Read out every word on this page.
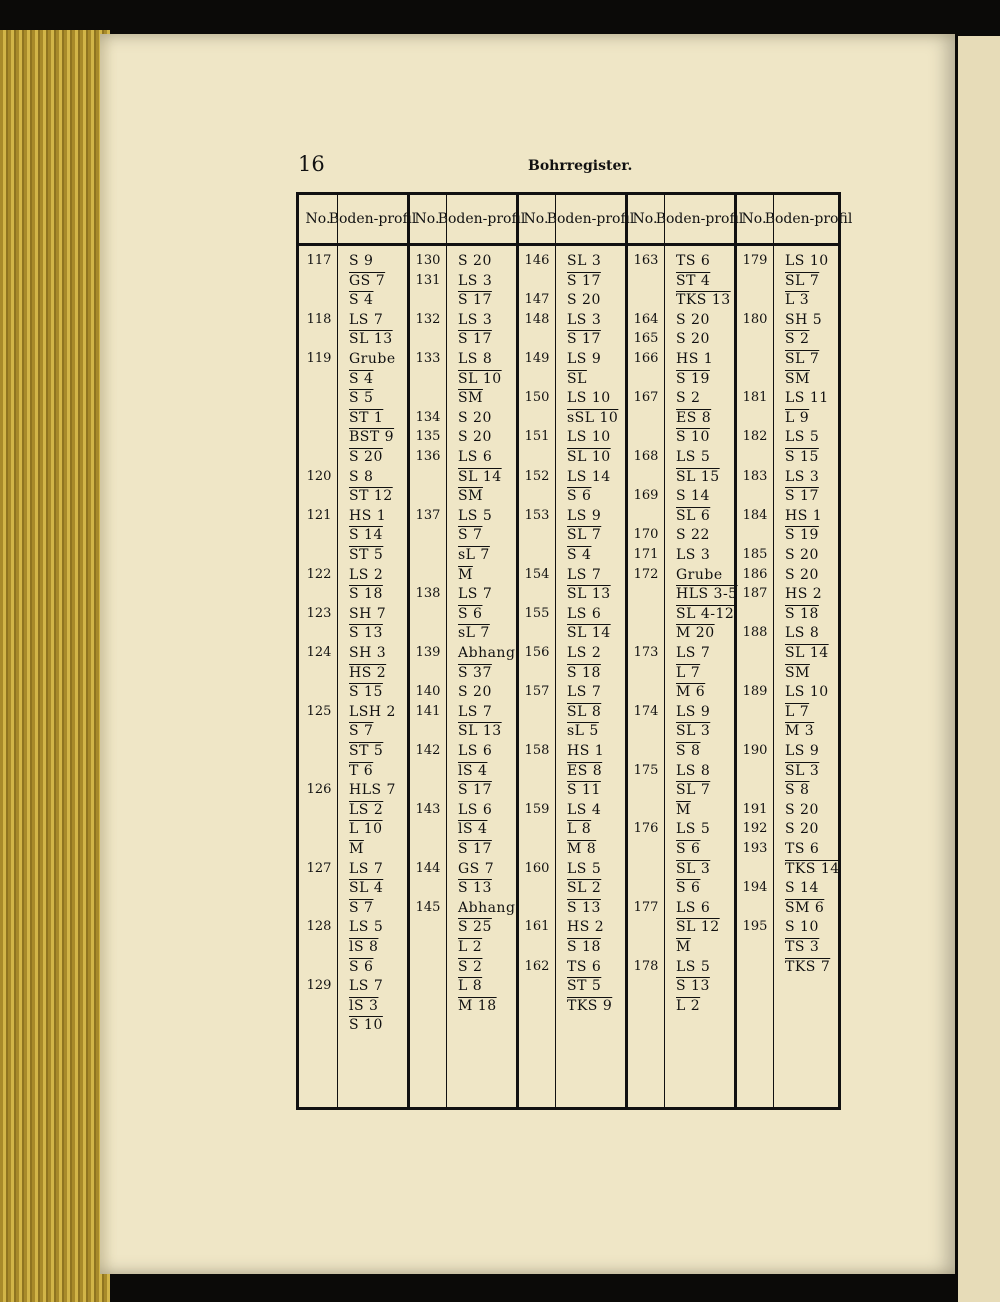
16	Bohrregister.
No.
Boden- profil
117 S 9
GS 7
S 4
118 LS 7
SL 13
119 Grube
S 4
S 5
ST 1
BST 9
S 20
120 S 8
ST 12
121 HS 1
S 14
ST 5
122 LS 2
S 18
123 SH 7
S 13
124 SH 3
HS 2
S 15
125 LSH 2
S 7
ST 5
T 6
126 HLS 7
LS 2
L 10
$\overline{M}$
127 LS 7
SL 4
S 7
128 LS 5
lS 8
S 6
129 LS 7
lS 3
S 10
No.
Boden- profil
130 S 20
131 LS 3
S 17
132 LS 3
S 17
133 LS 8
SL 10
$\overline{SM}$
134 S 20
135 S 20
136 LS 6
SL 14
$\overline{SM}$
137 LS 5
S 7
sL 7
$\overline{M}$
138 LS 7
S 6
sL 7
139 Abhang
S 37
140 S 20
141 LS 7
SL 13
142 LS 6
lS 4
S 17
143 LS 6
lS 4
S 17
144 GS 7
S 13
145 Abhang
S 25
L 2
S 2
L 8
M 18
No.
Boden- profil
146 SL 3
S 17
147 S 20
148 LS 3
S 17
149 LS 9
$\overline{SL}$
150 LS 10
sSL 10
151 LS 10
SL 10
152 LS 14
S 6
153 LS 9
SL 7
S 4
154 LS 7
SL 13
155 LS 6
SL 14
156 LS 2
S 18
157 LS 7
SL 8
sL 5
158 HS 1
ES 8
S 11
159 LS 4
L 8
M 8
160 LS 5
SL 2
S 13
161 HS 2
S 18
162 TS 6
ST 5
TKS 9
No.
Boden- profil
163 TS 6
ST 4
TKS 13
164 S 20
165 S 20
166 HS 1
S 19
167 S 2
ES 8
S 10
168 LS 5
SL 15
169 S 14
SL 6
170 S 22
171 LS 3
172 Grube
HLS 3-5
SL 4-12
M 20
173 LS 7
L 7
M 6
174 LS 9
SL 3
S 8
175 LS 8
SL 7
$\overline{M}$
176 LS 5
S 6
SL 3
S 6
177 LS 6
SL 12
$\overline{M}$
178 LS 5
S 13
L 2
No.
Boden- profil
179 LS 10
SL 7
L 3
180 SH 5
S 2
SL 7
$\overline{SM}$
181 LS 11
L 9
182 LS 5
S 15
183 LS 3
S 17
184 HS 1
S 19
185 S 20
186 S 20
187 HS 2
S 18
188 LS 8
SL 14
$\overline{SM}$
189 LS 10
L 7
M 3
190 LS 9
SL 3
S 8
191 S 20
192 S 20
193 TS 6
TKS 14
194 S 14
SM 6
195 S 10
TS 3
TKS 7
